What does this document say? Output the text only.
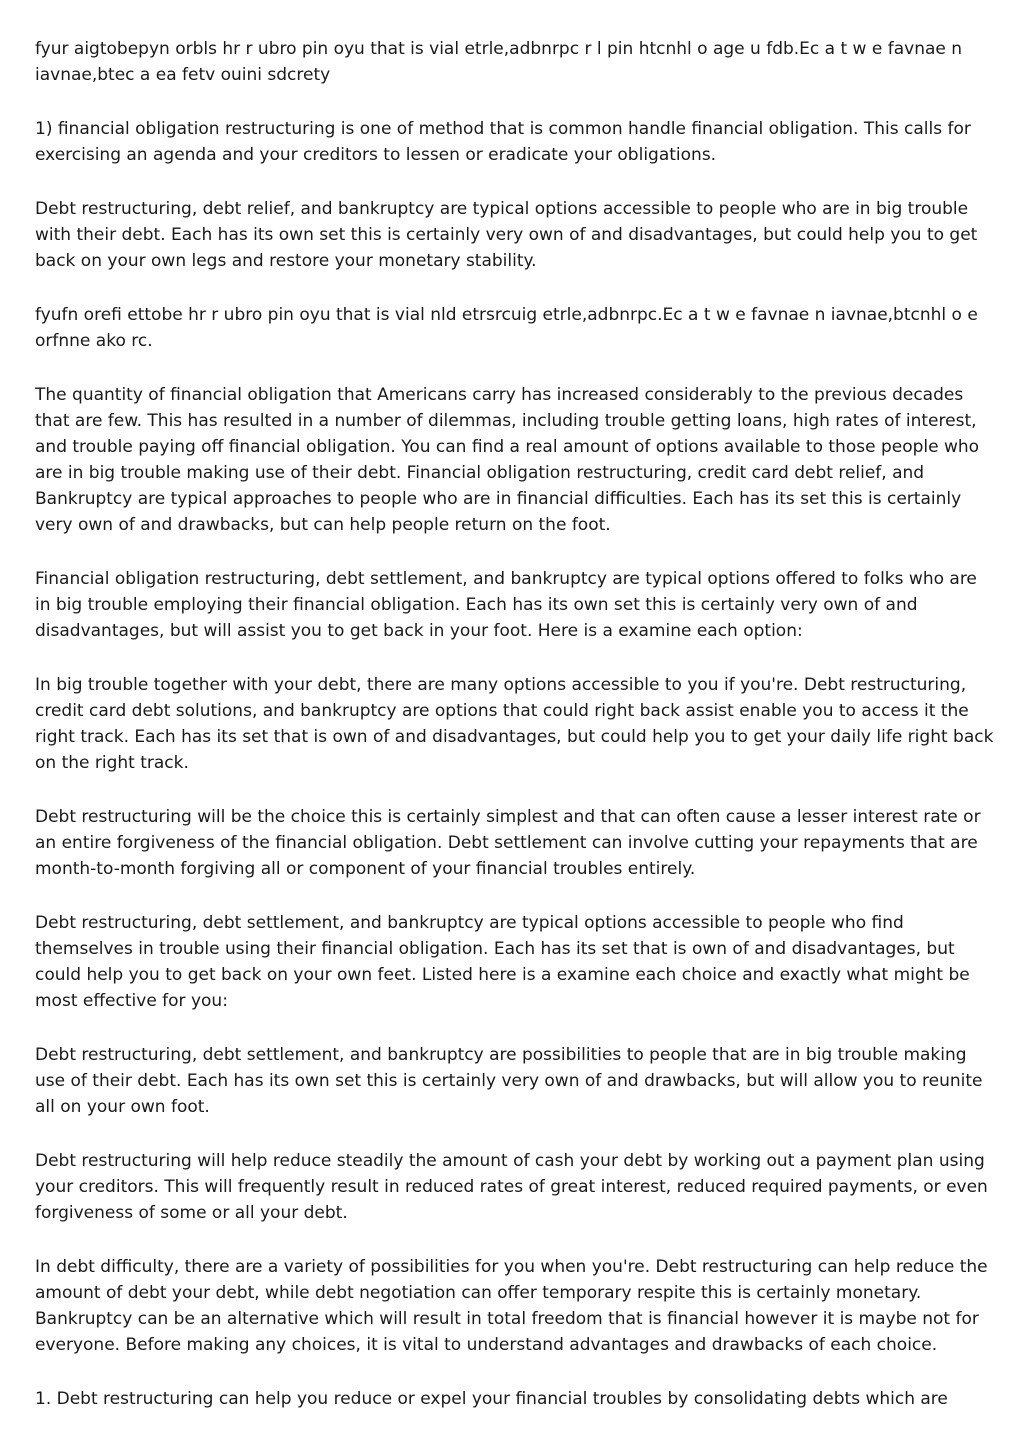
fyur aigtobepyn orbls hr r ubro pin oyu that is vial etrle,adbnrpc r l pin htcnhl o age u fdb.Ec a t w e favnae n iavnae,btec a ea fetv ouini sdcrety

1) financial obligation restructuring is one of method that is common handle financial obligation. This calls for exercising an agenda and your creditors to lessen or eradicate your obligations.

Debt restructuring, debt relief, and bankruptcy are typical options accessible to people who are in big trouble with their debt. Each has its own set this is certainly very own of and disadvantages, but could help you to get back on your own legs and restore your monetary stability.

fyufn orefi ettobe hr r ubro pin oyu that is vial nld etrsrcuig etrle,adbnrpc.Ec a t w e favnae n iavnae,btcnhl o e orfnne ako rc.

The quantity of financial obligation that Americans carry has increased considerably to the previous decades that are few. This has resulted in a number of dilemmas, including trouble getting loans, high rates of interest, and trouble paying off financial obligation. You can find a real amount of options available to those people who are in big trouble making use of their debt. Financial obligation restructuring, credit card debt relief, and Bankruptcy are typical approaches to people who are in financial difficulties. Each has its set this is certainly very own of and drawbacks, but can help people return on the foot.

Financial obligation restructuring, debt settlement, and bankruptcy are typical options offered to folks who are in big trouble employing their financial obligation. Each has its own set this is certainly very own of and disadvantages, but will assist you to get back in your foot. Here is a examine each option:

In big trouble together with your debt, there are many options accessible to you if you're. Debt restructuring, credit card debt solutions, and bankruptcy are options that could right back assist enable you to access it the right track. Each has its set that is own of and disadvantages, but could help you to get your daily life right back on the right track.

Debt restructuring will be the choice this is certainly simplest and that can often cause a lesser interest rate or an entire forgiveness of the financial obligation. Debt settlement can involve cutting your repayments that are month-to-month forgiving all or component of your financial troubles entirely.

Debt restructuring, debt settlement, and bankruptcy are typical options accessible to people who find themselves in trouble using their financial obligation. Each has its set that is own of and disadvantages, but could help you to get back on your own feet. Listed here is a examine each choice and exactly what might be most effective for you:

Debt restructuring, debt settlement, and bankruptcy are possibilities to people that are in big trouble making use of their debt. Each has its own set this is certainly very own of and drawbacks, but will allow you to reunite all on your own foot.

Debt restructuring will help reduce steadily the amount of cash your debt by working out a payment plan using your creditors. This will frequently result in reduced rates of great interest, reduced required payments, or even forgiveness of some or all your debt.

In debt difficulty, there are a variety of possibilities for you when you're. Debt restructuring can help reduce the amount of debt your debt, while debt negotiation can offer temporary respite this is certainly monetary. Bankruptcy can be an alternative which will result in total freedom that is financial however it is maybe not for everyone. Before making any choices, it is vital to understand advantages and drawbacks of each choice.

1. Debt restructuring can help you reduce or expel your financial troubles by consolidating debts which are
